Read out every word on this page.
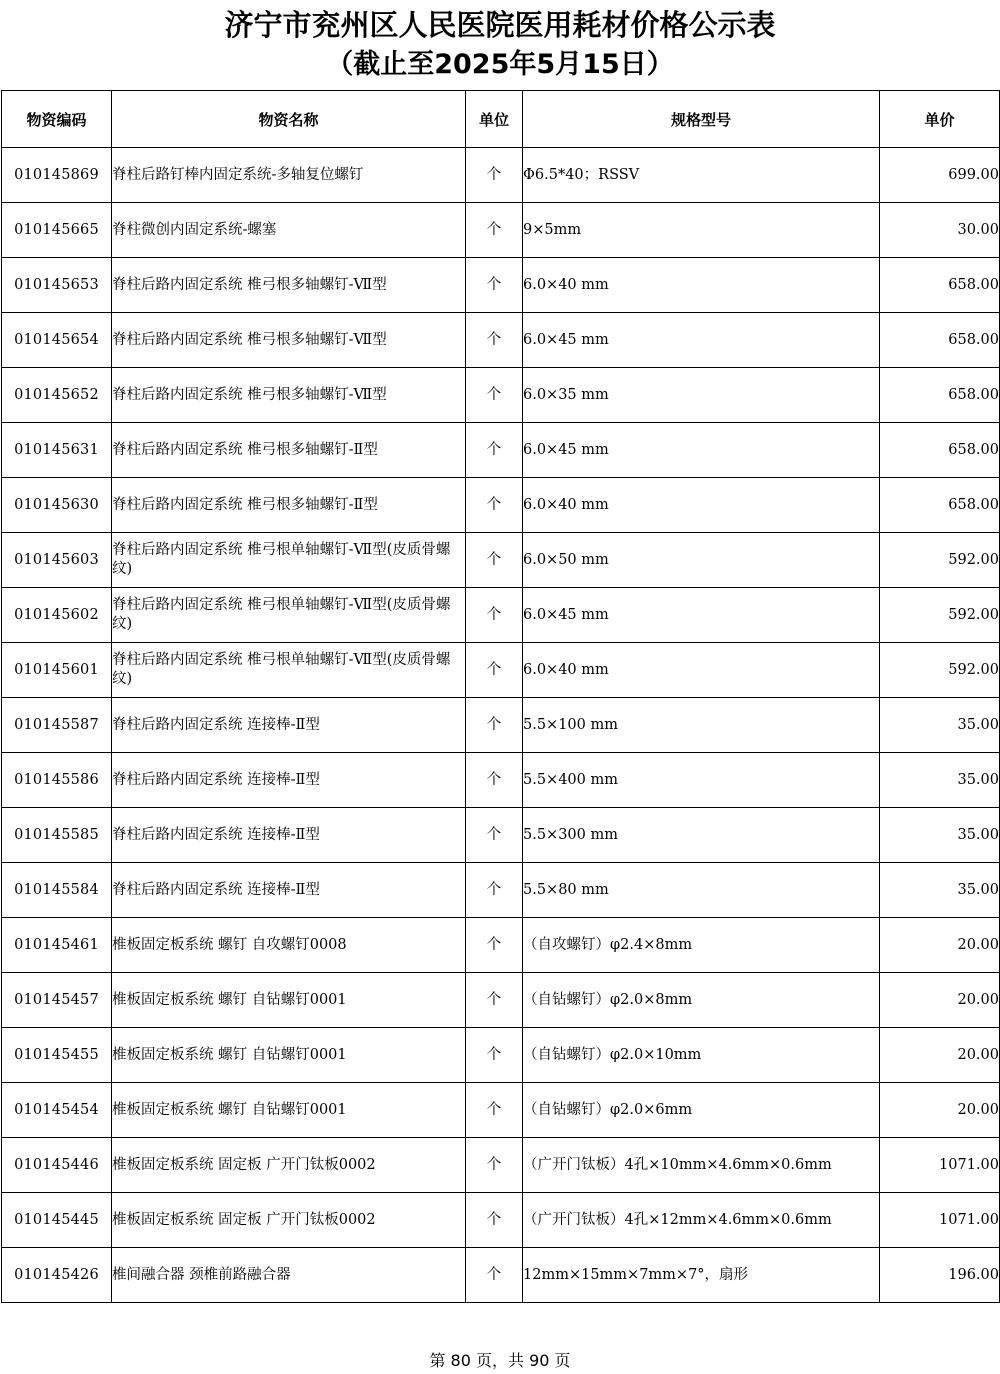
济宁市兖州区人民医院医用耗材价格公示表
（截止至2025年5月15日）
物资编码	物资名称	单位	规格型号	单价
010145869	脊柱后路钉棒内固定系统-多轴复位螺钉	个	Φ6.5*40；RSSV	699.00
010145665	脊柱微创内固定系统-螺塞	个	9×5mm	30.00
010145653	脊柱后路内固定系统 椎弓根多轴螺钉-Ⅶ型	个	6.0×40 mm	658.00
010145654	脊柱后路内固定系统 椎弓根多轴螺钉-Ⅶ型	个	6.0×45 mm	658.00
010145652	脊柱后路内固定系统 椎弓根多轴螺钉-Ⅶ型	个	6.0×35 mm	658.00
010145631	脊柱后路内固定系统 椎弓根多轴螺钉-Ⅱ型	个	6.0×45 mm	658.00
010145630	脊柱后路内固定系统 椎弓根多轴螺钉-Ⅱ型	个	6.0×40 mm	658.00
010145603	脊柱后路内固定系统 椎弓根单轴螺钉-Ⅶ型(皮质骨螺纹)	个	6.0×50 mm	592.00
010145602	脊柱后路内固定系统 椎弓根单轴螺钉-Ⅶ型(皮质骨螺纹)	个	6.0×45 mm	592.00
010145601	脊柱后路内固定系统 椎弓根单轴螺钉-Ⅶ型(皮质骨螺纹)	个	6.0×40 mm	592.00
010145587	脊柱后路内固定系统 连接棒-Ⅱ型	个	5.5×100 mm	35.00
010145586	脊柱后路内固定系统 连接棒-Ⅱ型	个	5.5×400 mm	35.00
010145585	脊柱后路内固定系统 连接棒-Ⅱ型	个	5.5×300 mm	35.00
010145584	脊柱后路内固定系统 连接棒-Ⅱ型	个	5.5×80 mm	35.00
010145461	椎板固定板系统 螺钉 自攻螺钉0008	个	（自攻螺钉）φ2.4×8mm	20.00
010145457	椎板固定板系统 螺钉 自钻螺钉0001	个	（自钻螺钉）φ2.0×8mm	20.00
010145455	椎板固定板系统 螺钉 自钻螺钉0001	个	（自钻螺钉）φ2.0×10mm	20.00
010145454	椎板固定板系统 螺钉 自钻螺钉0001	个	（自钻螺钉）φ2.0×6mm	20.00
010145446	椎板固定板系统 固定板 广开门钛板0002	个	（广开门钛板）4孔×10mm×4.6mm×0.6mm	1071.00
010145445	椎板固定板系统 固定板 广开门钛板0002	个	（广开门钛板）4孔×12mm×4.6mm×0.6mm	1071.00
010145426	椎间融合器 颈椎前路融合器	个	12mm×15mm×7mm×7°，扇形	196.00
第 80 页，共 90 页
